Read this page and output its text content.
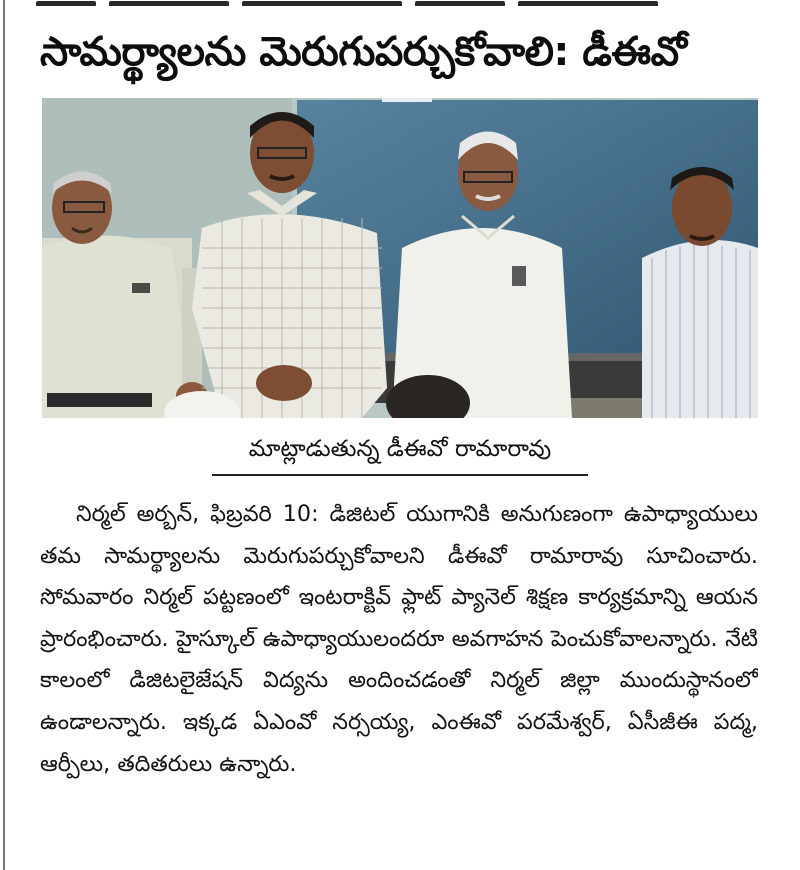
సామర్థ్యాలను మెరుగుపర్చుకోవాలి: డీఈవో
మాట్లాడుతున్న డీఈవో రామారావు

నిర్మల్ అర్బన్, ఫిబ్రవరి 10: డిజిటల్ యుగానికి అనుగుణంగా ఉపాధ్యాయులు తమ సామర్థ్యాలను మెరుగుపర్చుకోవాలని డీఈవో రామారావు సూచించారు. సోమవారం నిర్మల్ పట్టణంలో ఇంటరాక్టివ్ ఫ్లాట్ ప్యానెల్ శిక్షణ కార్యక్రమాన్ని ఆయన ప్రారంభించారు. హైస్కూల్ ఉపాధ్యాయులందరూ అవగాహన పెంచుకోవాలన్నారు. నేటి కాలంలో డిజిటలైజేషన్ విద్యను అందించడంతో నిర్మల్ జిల్లా ముందుస్థానంలో ఉండాలన్నారు. ఇక్కడ ఏఎంవో నర్సయ్య, ఎంఈవో పరమేశ్వర్, ఏసీజీఈ పద్మ, ఆర్పీలు, తదితరులు ఉన్నారు.
